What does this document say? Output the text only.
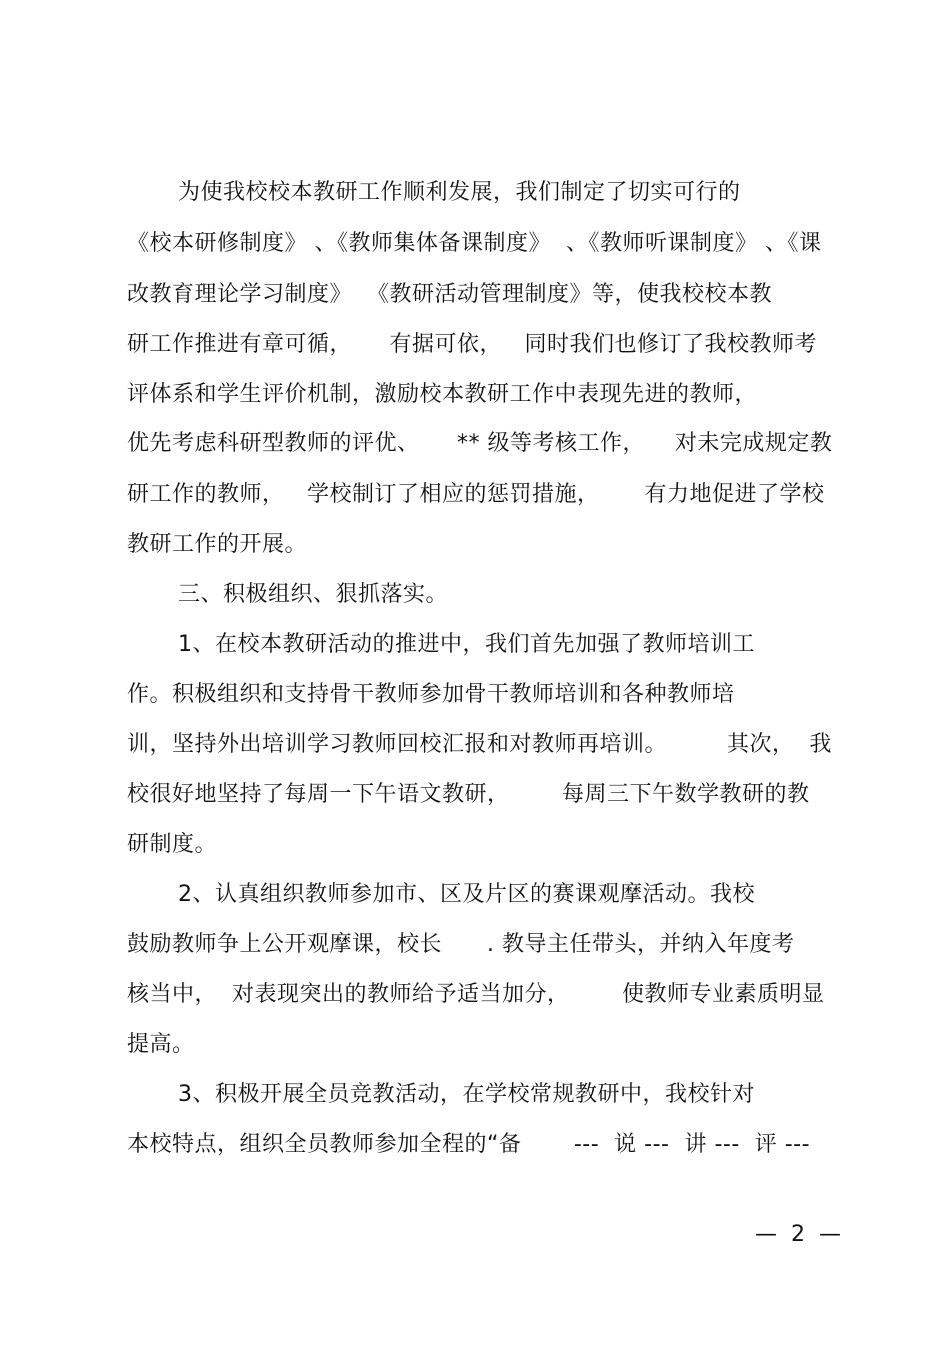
为使我校校本教研工作顺利发展，我们制定了切实可行的
《校本研修制度》 、《教师集体备课制度》  、《教师听课制度》 、《课
改教育理论学习制度》  《教研活动管理制度》等，使我校校本教
研工作推进有章可循，     有据可依，   同时我们也修订了我校教师考
评体系和学生评价机制，激励校本教研工作中表现先进的教师，
优先考虑科研型教师的评优、     ** 级等考核工作，    对未完成规定教
研工作的教师，   学校制订了相应的惩罚措施，      有力地促进了学校
教研工作的开展。
三、积极组织、狠抓落实。
1、在校本教研活动的推进中，我们首先加强了教师培训工
作。积极组织和支持骨干教师参加骨干教师培训和各种教师培
训，坚持外出培训学习教师回校汇报和对教师再培训。        其次，  我
校很好地坚持了每周一下午语文教研，       每周三下午数学教研的教
研制度。
2、认真组织教师参加市、区及片区的赛课观摩活动。我校
鼓励教师争上公开观摩课，校长      . 教导主任带头，并纳入年度考
核当中，  对表现突出的教师给予适当加分，       使教师专业素质明显
提高。
3、积极开展全员竞教活动，在学校常规教研中，我校针对
本校特点，组织全员教师参加全程的“备       ---  说 ---  讲 ---  评 ---
—  2  —
